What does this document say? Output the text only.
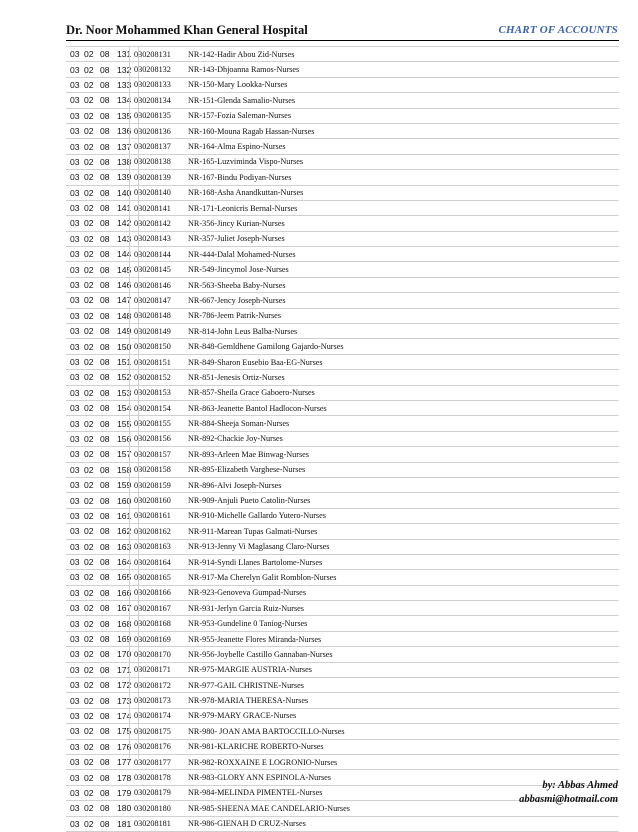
Dr. Noor Mohammed Khan General Hospital	CHART OF ACCOUNTS
03	02	08	131	030208131	NR-142-Hadir Abou Zid-Nurses
03	02	08	132	030208132	NR-143-Dhjoanna Ramos-Nurses
03	02	08	133	030208133	NR-150-Mary Lookka-Nurses
03	02	08	134	030208134	NR-151-Glenda Samalio-Nurses
03	02	08	135	030208135	NR-157-Fozia Saleman-Nurses
03	02	08	136	030208136	NR-160-Mouna Ragab Hassan-Nurses
03	02	08	137	030208137	NR-164-Alma Espino-Nurses
03	02	08	138	030208138	NR-165-Luzviminda Vispo-Nurses
03	02	08	139	030208139	NR-167-Bindu Podiyan-Nurses
03	02	08	140	030208140	NR-168-Asha Anandkuttan-Nurses
03	02	08	141	030208141	NR-171-Leonicris Bernal-Nurses
03	02	08	142	030208142	NR-356-Jincy Kurian-Nurses
03	02	08	143	030208143	NR-357-Juliet Joseph-Nurses
03	02	08	144	030208144	NR-444-Dalal Mohamed-Nurses
03	02	08	145	030208145	NR-549-Jincymol Jose-Nurses
03	02	08	146	030208146	NR-563-Sheeba Baby-Nurses
03	02	08	147	030208147	NR-667-Jency Joseph-Nurses
03	02	08	148	030208148	NR-786-Jeem Patrik-Nurses
03	02	08	149	030208149	NR-814-John Leus Balba-Nurses
03	02	08	150	030208150	NR-848-Gemldhene Gamilong Gajardo-Nurses
03	02	08	151	030208151	NR-849-Sharon Eusebio Baa-EG-Nurses
03	02	08	152	030208152	NR-851-Jenesis Ortiz-Nurses
03	02	08	153	030208153	NR-857-Sheila Grace Gaboero-Nurses
03	02	08	154	030208154	NR-863-Jeanette Bantol Hadlocon-Nurses
03	02	08	155	030208155	NR-884-Sheeja Soman-Nurses
03	02	08	156	030208156	NR-892-Chackie Joy-Nurses
03	02	08	157	030208157	NR-893-Arleen Mae Binwag-Nurses
03	02	08	158	030208158	NR-895-Elizabeth Varghese-Nurses
03	02	08	159	030208159	NR-896-Alvi Joseph-Nurses
03	02	08	160	030208160	NR-909-Anjuli Pueto Catolin-Nurses
03	02	08	161	030208161	NR-910-Michelle Gallardo Yutero-Nurses
03	02	08	162	030208162	NR-911-Marean Tupas Galmati-Nurses
03	02	08	163	030208163	NR-913-Jenny Vi Maglasang Claro-Nurses
03	02	08	164	030208164	NR-914-Syndi Llanes Bartolome-Nurses
03	02	08	165	030208165	NR-917-Ma Cherelyn Galit Romblon-Nurses
03	02	08	166	030208166	NR-923-Genoveva Gumpad-Nurses
03	02	08	167	030208167	NR-931-Jerlyn Garcia Ruiz-Nurses
03	02	08	168	030208168	NR-953-Gundeline 0 Taniog-Nurses
03	02	08	169	030208169	NR-955-Jeanette Flores Miranda-Nurses
03	02	08	170	030208170	NR-956-Joybelle Castillo Gannaban-Nurses
03	02	08	171	030208171	NR-975-MARGIE AUSTRIA-Nurses
03	02	08	172	030208172	NR-977-GAIL CHRISTNE-Nurses
03	02	08	173	030208173	NR-978-MARIA THERESA-Nurses
03	02	08	174	030208174	NR-979-MARY GRACE-Nurses
03	02	08	175	030208175	NR-980- JOAN AMA BARTOCCILLO-Nurses
03	02	08	176	030208176	NR-981-KLARICHE ROBERTO-Nurses
03	02	08	177	030208177	NR-982-ROXXAINE E LOGRONIO-Nurses
03	02	08	178	030208178	NR-983-GLORY ANN ESPINOLA-Nurses
03	02	08	179	030208179	NR-984-MELINDA PIMENTEL-Nurses
03	02	08	180	030208180	NR-985-SHEENA MAE CANDELARIO-Nurses
03	02	08	181	030208181	NR-986-GIENAH D CRUZ-Nurses
by: Abbas Ahmed
abbasmi@hotmail.com
